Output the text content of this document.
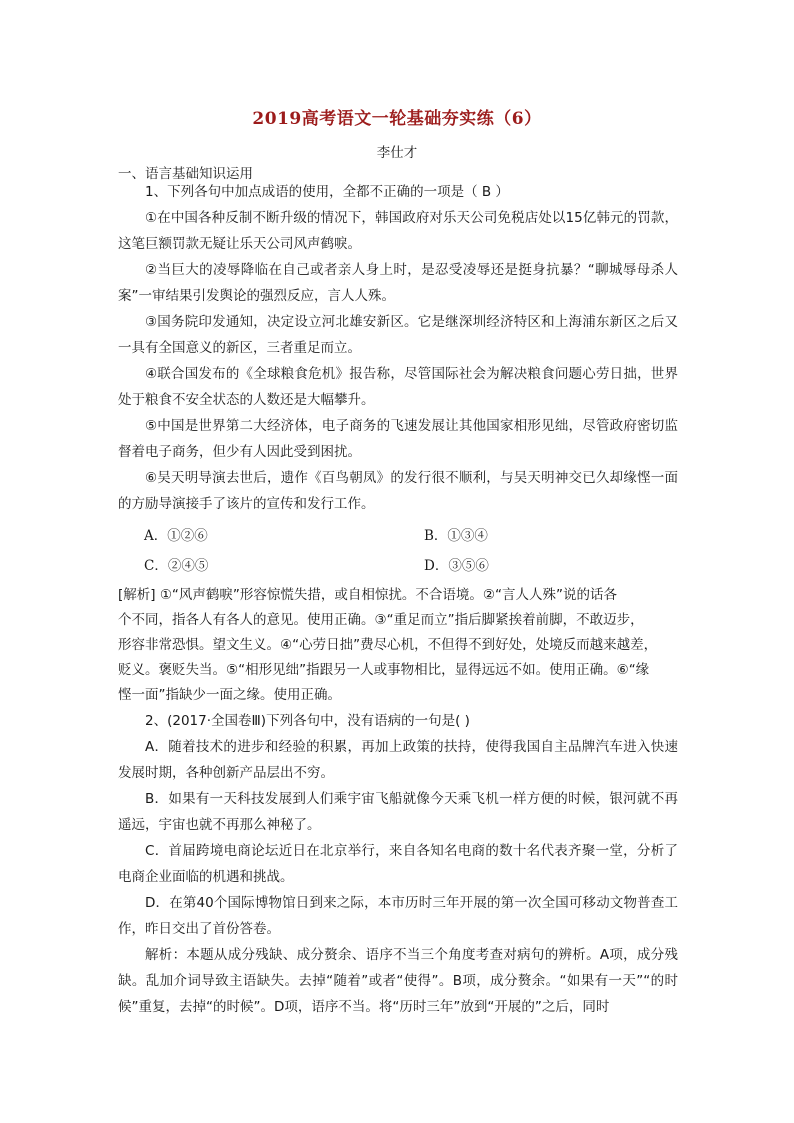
2019高考语文一轮基础夯实练（6）
李仕才
一、语言基础知识运用

1、下列各句中加点成语的使用，全都不正确的一项是（ B ）

①在中国各种反制不断升级的情况下，韩国政府对乐天公司免税店处以15亿韩元的罚款，这笔巨额罚款无疑让乐天公司风声鹤唳。

②当巨大的凌辱降临在自己或者亲人身上时，是忍受凌辱还是挺身抗暴？“聊城辱母杀人案”一审结果引发舆论的强烈反应，言人人殊。

③国务院印发通知，决定设立河北雄安新区。它是继深圳经济特区和上海浦东新区之后又一具有全国意义的新区，三者重足而立。

④联合国发布的《全球粮食危机》报告称，尽管国际社会为解决粮食问题心劳日拙，世界处于粮食不安全状态的人数还是大幅攀升。

⑤中国是世界第二大经济体，电子商务的飞速发展让其他国家相形见绌，尽管政府密切监督着电子商务，但少有人因此受到困扰。

⑥吴天明导演去世后，遗作《百鸟朝凤》的发行很不顺利，与吴天明神交已久却缘悭一面的方励导演接手了该片的宣传和发行工作。

A．①②⑥	B．①③④
C．②④⑤	D．③⑤⑥

[解析] ①“风声鹤唳”形容惊慌失措，或自相惊扰。不合语境。②“言人人殊”说的话各
个不同，指各人有各人的意见。使用正确。③“重足而立”指后脚紧挨着前脚，不敢迈步，
形容非常恐惧。望文生义。④“心劳日拙”费尽心机，不但得不到好处，处境反而越来越差，
贬义。褒贬失当。⑤“相形见绌”指跟另一人或事物相比，显得远远不如。使用正确。⑥“缘
悭一面”指缺少一面之缘。使用正确。

2、(2017·全国卷Ⅲ)下列各句中，没有语病的一句是( )

A．随着技术的进步和经验的积累，再加上政策的扶持，使得我国自主品牌汽车进入快速发展时期，各种创新产品层出不穷。

B．如果有一天科技发展到人们乘宇宙飞船就像今天乘飞机一样方便的时候，银河就不再遥远，宇宙也就不再那么神秘了。

C．首届跨境电商论坛近日在北京举行，来自各知名电商的数十名代表齐聚一堂，分析了电商企业面临的机遇和挑战。

D．在第40个国际博物馆日到来之际，本市历时三年开展的第一次全国可移动文物普查工作，昨日交出了首份答卷。

解析：本题从成分残缺、成分赘余、语序不当三个角度考查对病句的辨析。A项，成分残缺。乱加介词导致主语缺失。去掉“随着”或者“使得”。B项，成分赘余。“如果有一天”“的时候”重复，去掉“的时候”。D项，语序不当。将“历时三年”放到“开展的”之后，同时
